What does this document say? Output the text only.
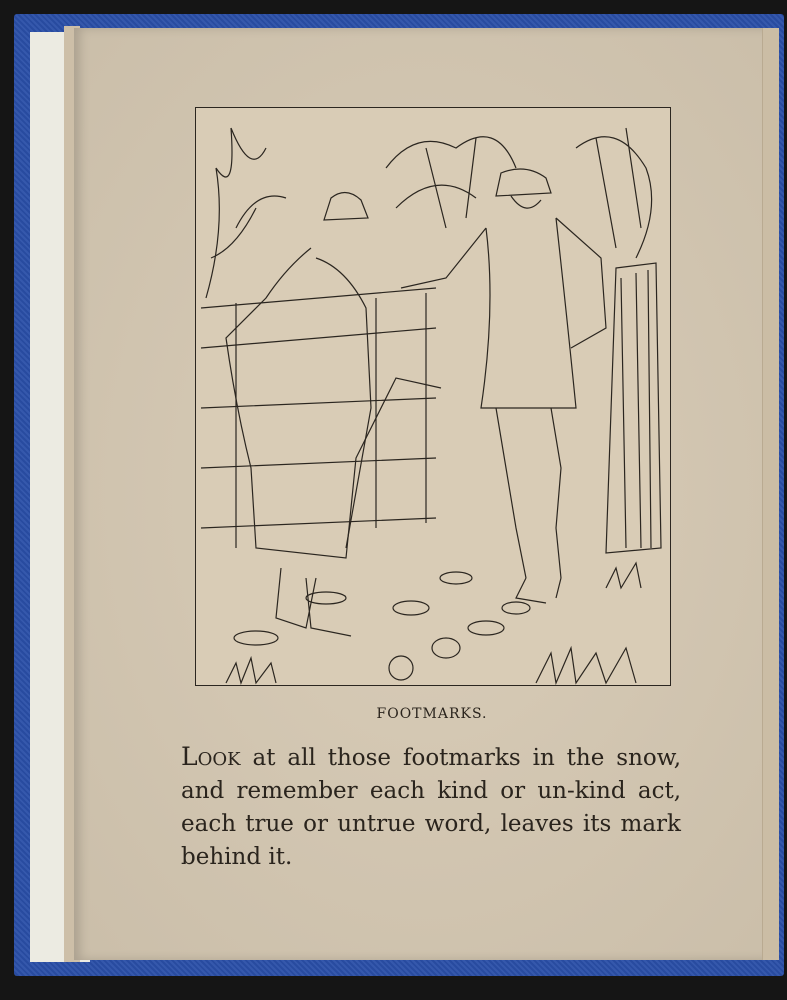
FOOTMARKS.

Look at all those footmarks in the snow, and remember each kind or un-kind act, each true or untrue word, leaves its mark behind it.
